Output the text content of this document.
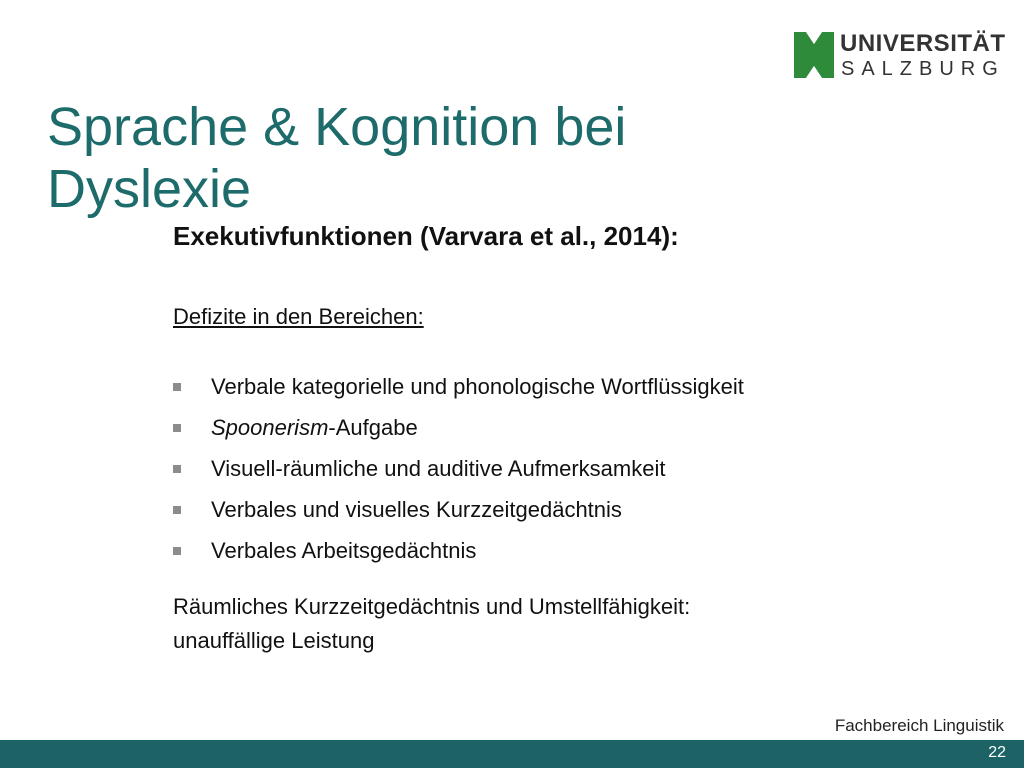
UNIVERSITÄT
SALZBURG
Sprache & Kognition bei Dyslexie

Exekutivfunktionen (Varvara et al., 2014):

Defizite in den Bereichen:
Verbale kategorielle und phonologische Wortflüssigkeit
Spoonerism-Aufgabe
Visuell-räumliche und auditive Aufmerksamkeit
Verbales und visuelles Kurzzeitgedächtnis
Verbales Arbeitsgedächtnis
Räumliches Kurzzeitgedächtnis und Umstellfähigkeit:
unauffällige Leistung
Fachbereich Linguistik
22
